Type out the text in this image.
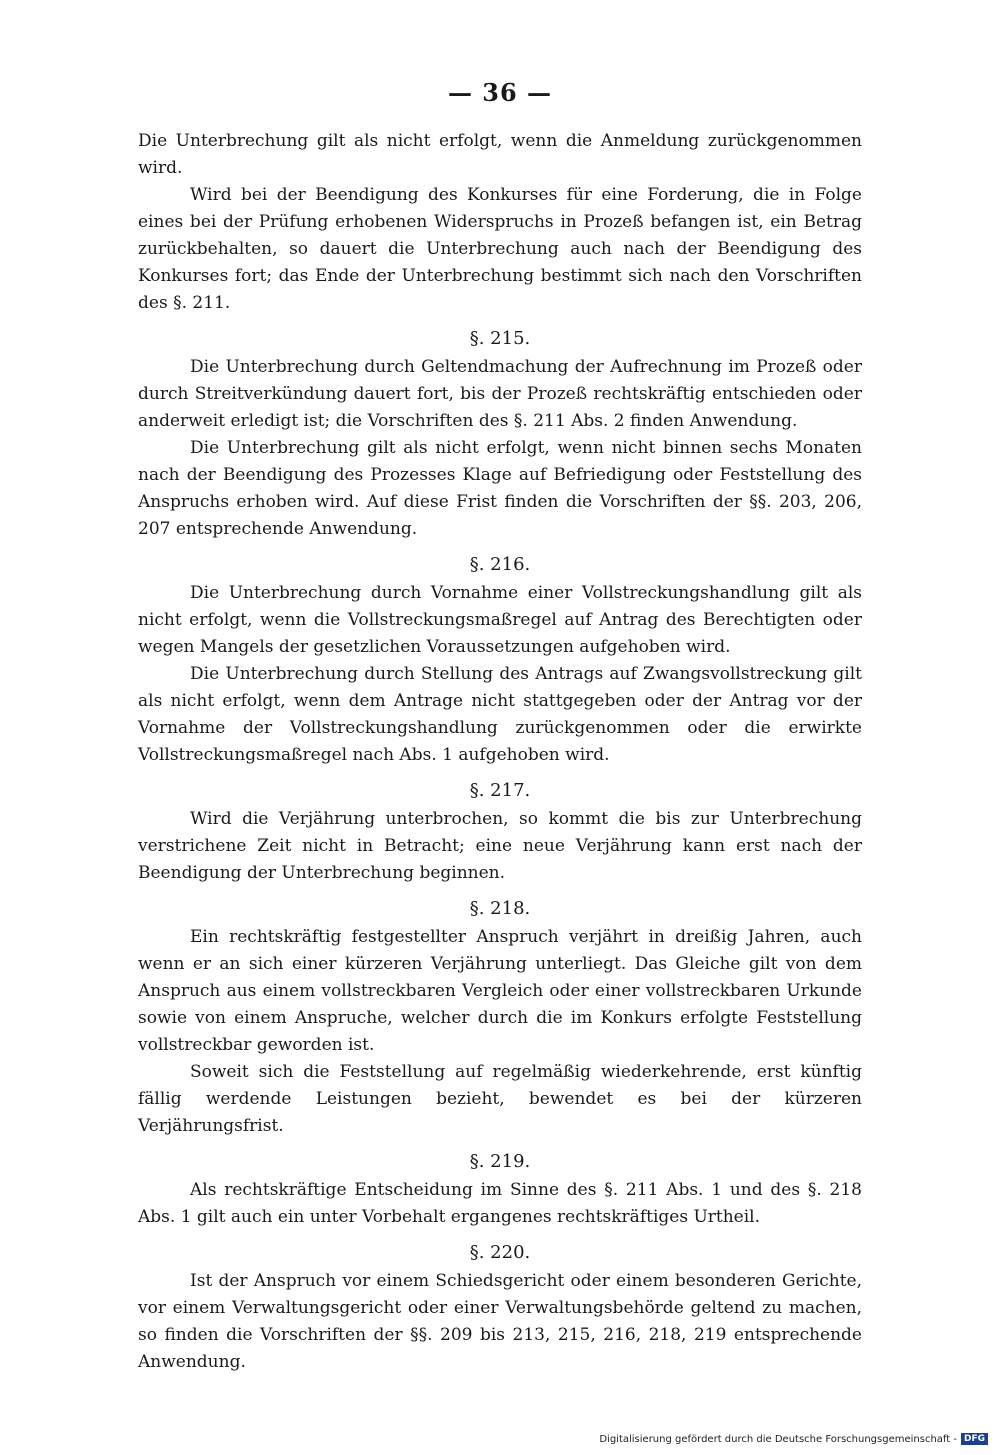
— 36 —

Die Unterbrechung gilt als nicht erfolgt, wenn die Anmeldung zurückgenommen wird.

Wird bei der Beendigung des Konkurses für eine Forderung, die in Folge eines bei der Prüfung erhobenen Widerspruchs in Prozeß befangen ist, ein Betrag zurückbehalten, so dauert die Unterbrechung auch nach der Beendigung des Konkurses fort; das Ende der Unterbrechung bestimmt sich nach den Vorschriften des §. 211.

§. 215.

Die Unterbrechung durch Geltendmachung der Aufrechnung im Prozeß oder durch Streitverkündung dauert fort, bis der Prozeß rechtskräftig entschieden oder anderweit erledigt ist; die Vorschriften des §. 211 Abs. 2 finden Anwendung.

Die Unterbrechung gilt als nicht erfolgt, wenn nicht binnen sechs Monaten nach der Beendigung des Prozesses Klage auf Befriedigung oder Feststellung des Anspruchs erhoben wird. Auf diese Frist finden die Vorschriften der §§. 203, 206, 207 entsprechende Anwendung.

§. 216.

Die Unterbrechung durch Vornahme einer Vollstreckungshandlung gilt als nicht erfolgt, wenn die Vollstreckungsmaßregel auf Antrag des Berechtigten oder wegen Mangels der gesetzlichen Voraussetzungen aufgehoben wird.

Die Unterbrechung durch Stellung des Antrags auf Zwangsvollstreckung gilt als nicht erfolgt, wenn dem Antrage nicht stattgegeben oder der Antrag vor der Vornahme der Vollstreckungshandlung zurückgenommen oder die erwirkte Vollstreckungsmaßregel nach Abs. 1 aufgehoben wird.

§. 217.

Wird die Verjährung unterbrochen, so kommt die bis zur Unterbrechung verstrichene Zeit nicht in Betracht; eine neue Verjährung kann erst nach der Beendigung der Unterbrechung beginnen.

§. 218.

Ein rechtskräftig festgestellter Anspruch verjährt in dreißig Jahren, auch wenn er an sich einer kürzeren Verjährung unterliegt. Das Gleiche gilt von dem Anspruch aus einem vollstreckbaren Vergleich oder einer vollstreckbaren Urkunde sowie von einem Anspruche, welcher durch die im Konkurs erfolgte Feststellung vollstreckbar geworden ist.

Soweit sich die Feststellung auf regelmäßig wiederkehrende, erst künftig fällig werdende Leistungen bezieht, bewendet es bei der kürzeren Verjährungsfrist.

§. 219.

Als rechtskräftige Entscheidung im Sinne des §. 211 Abs. 1 und des §. 218 Abs. 1 gilt auch ein unter Vorbehalt ergangenes rechtskräftiges Urtheil.

§. 220.

Ist der Anspruch vor einem Schiedsgericht oder einem besonderen Gerichte, vor einem Verwaltungsgericht oder einer Verwaltungsbehörde geltend zu machen, so finden die Vorschriften der §§. 209 bis 213, 215, 216, 218, 219 entsprechende Anwendung.

Digitalisierung gefördert durch die Deutsche Forschungsgemeinschaft - DFG
